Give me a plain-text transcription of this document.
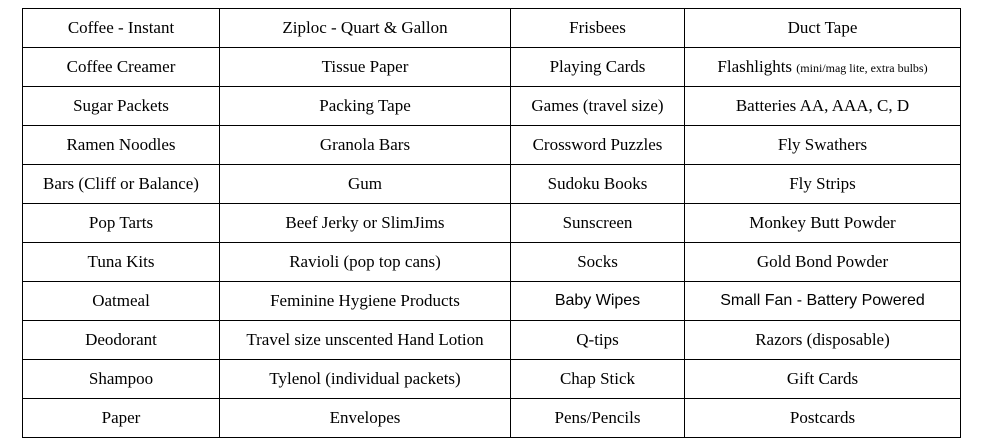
Coffee - Instant	Ziploc - Quart & Gallon	Frisbees	Duct Tape
Coffee Creamer	Tissue Paper	Playing Cards	Flashlights (mini/mag lite, extra bulbs)
Sugar Packets	Packing Tape	Games (travel size)	Batteries AA, AAA, C, D
Ramen Noodles	Granola Bars	Crossword Puzzles	Fly Swathers
Bars (Cliff or Balance)	Gum	Sudoku Books	Fly Strips
Pop Tarts	Beef Jerky or SlimJims	Sunscreen	Monkey Butt Powder
Tuna Kits	Ravioli (pop top cans)	Socks	Gold Bond Powder
Oatmeal	Feminine Hygiene Products	Baby Wipes	Small Fan - Battery Powered
Deodorant	Travel size unscented Hand Lotion	Q-tips	Razors (disposable)
Shampoo	Tylenol (individual packets)	Chap Stick	Gift Cards
Paper	Envelopes	Pens/Pencils	Postcards
